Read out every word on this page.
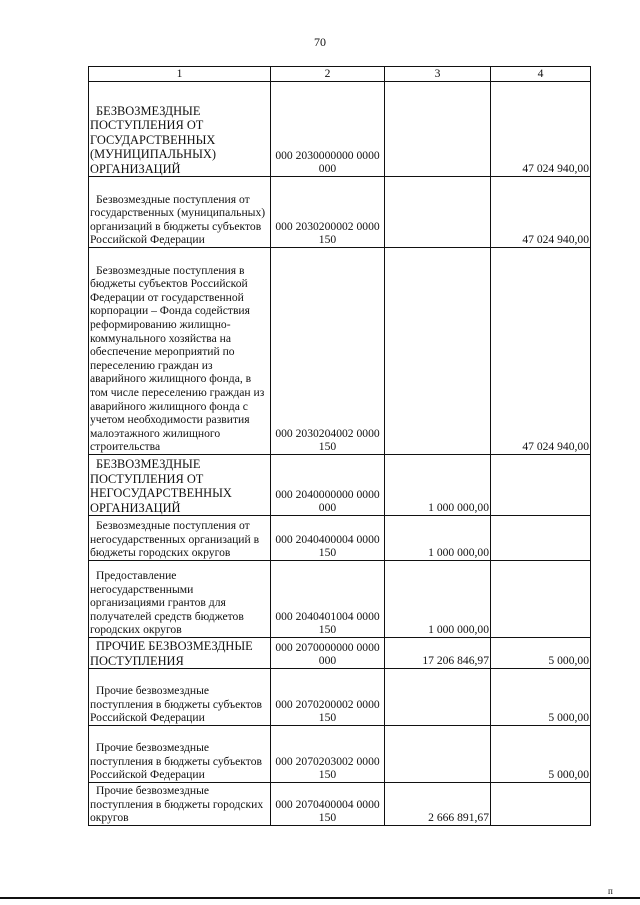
70
1	2	3	4

БЕЗВОЗМЕЗДНЫЕ ПОСТУПЛЕНИЯ ОТ ГОСУДАРСТВЕННЫХ (МУНИЦИПАЛЬНЫХ) ОРГАНИЗАЦИЙ	000 2030000000 0000 000		47 024 940,00

Безвозмездные поступления от государственных (муниципальных) организаций в бюджеты субъектов Российской Федерации	000 2030200002 0000 150		47 024 940,00

Безвозмездные поступления в бюджеты субъектов Российской Федерации от государственной корпорации – Фонда содействия реформированию жилищно-коммунального хозяйства на обеспечение мероприятий по переселению граждан из аварийного жилищного фонда, в том числе переселению граждан из аварийного жилищного фонда с учетом необходимости развития малоэтажного жилищного строительства	000 2030204002 0000 150		47 024 940,00

БЕЗВОЗМЕЗДНЫЕ ПОСТУПЛЕНИЯ ОТ НЕГОСУДАРСТВЕННЫХ ОРГАНИЗАЦИЙ	000 2040000000 0000 000	1 000 000,00	

Безвозмездные поступления от негосударственных организаций в бюджеты городских округов	000 2040400004 0000 150	1 000 000,00	

Предоставление негосударственными организациями грантов для получателей средств бюджетов городских округов	000 2040401004 0000 150	1 000 000,00	

ПРОЧИЕ БЕЗВОЗМЕЗДНЫЕ ПОСТУПЛЕНИЯ	000 2070000000 0000 000	17 206 846,97	5 000,00

Прочие безвозмездные поступления в бюджеты субъектов Российской Федерации	000 2070200002 0000 150		5 000,00

Прочие безвозмездные поступления в бюджеты субъектов Российской Федерации	000 2070203002 0000 150		5 000,00

Прочие безвозмездные поступления в бюджеты городских округов	000 2070400004 0000 150	2 666 891,67	
п
